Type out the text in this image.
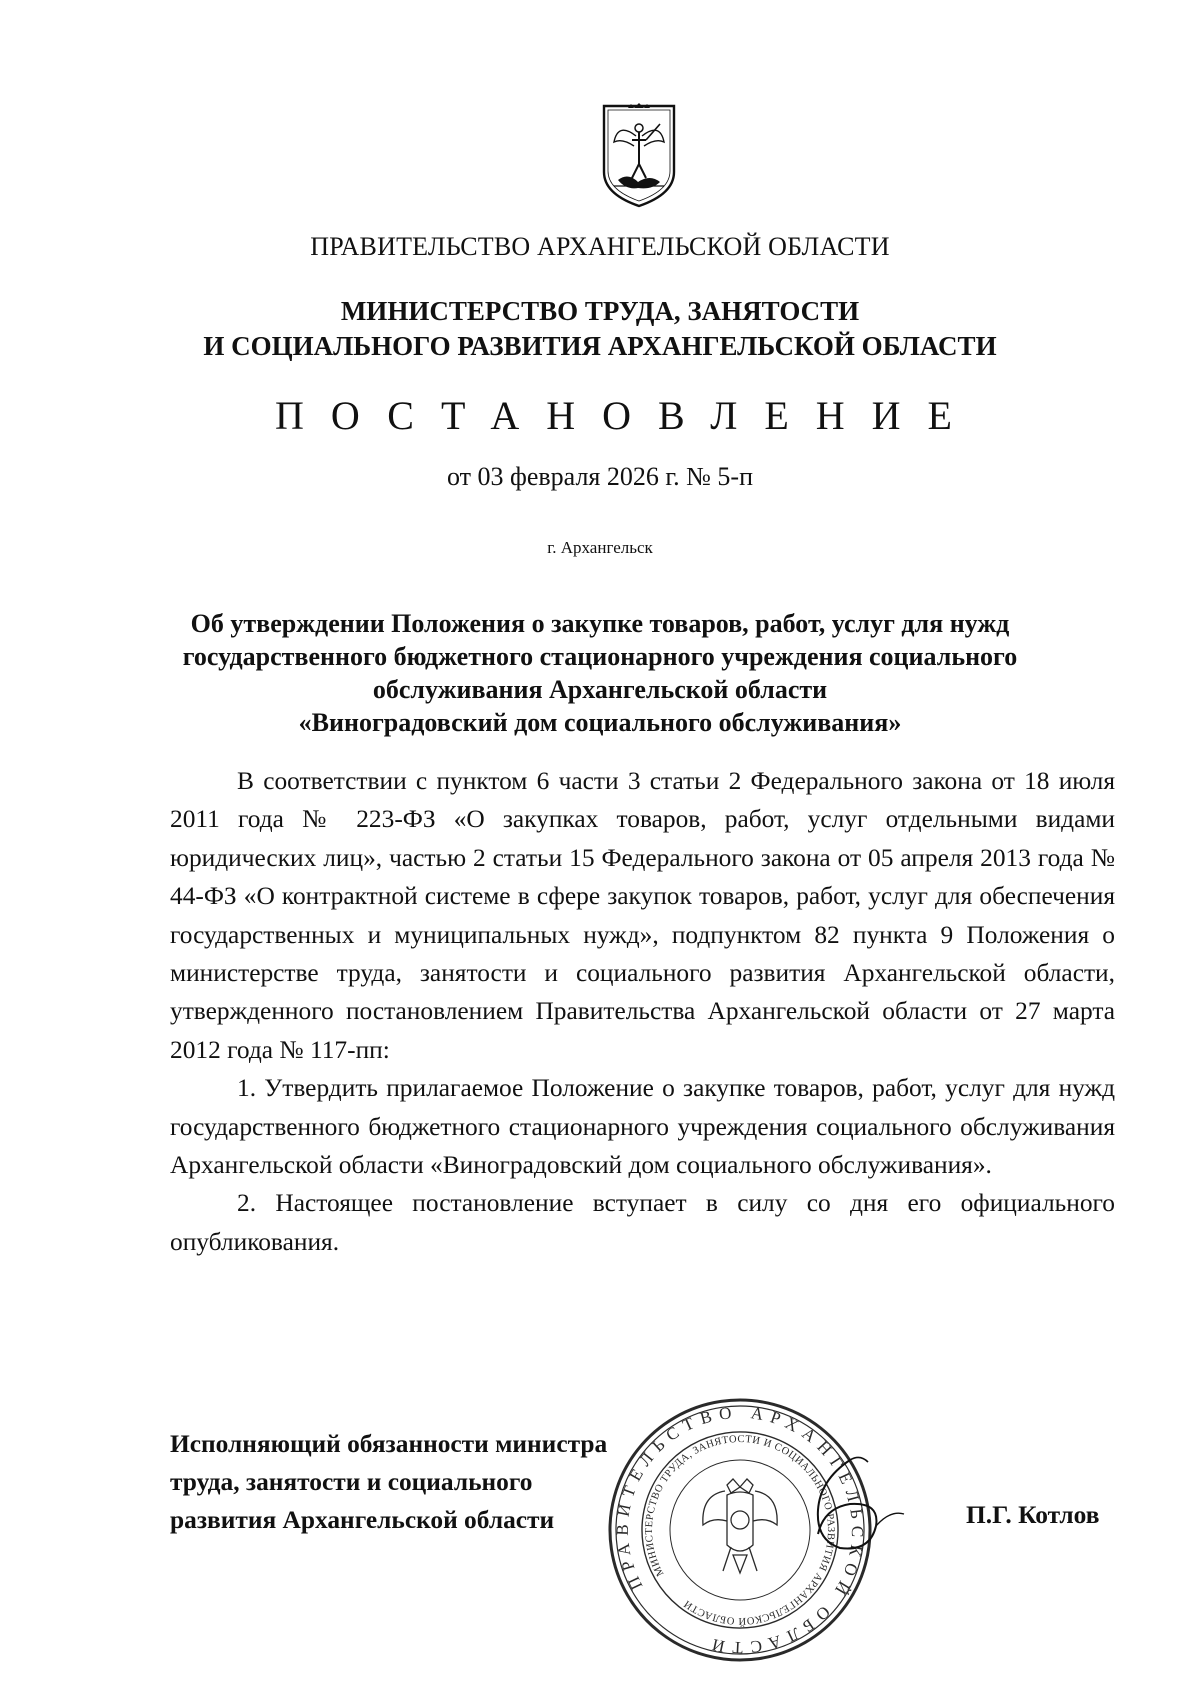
ПРАВИТЕЛЬСТВО АРХАНГЕЛЬСКОЙ ОБЛАСТИ
МИНИСТЕРСТВО ТРУДА, ЗАНЯТОСТИ
И СОЦИАЛЬНОГО РАЗВИТИЯ АРХАНГЕЛЬСКОЙ ОБЛАСТИ
ПОСТАНОВЛЕНИЕ
от 03 февраля 2026 г. № 5-п
г. Архангельск
Об утверждении Положения о закупке товаров, работ, услуг для нужд
государственного бюджетного стационарного учреждения социального
обслуживания Архангельской области
«Виноградовский дом социального обслуживания»

В соответствии с пунктом 6 части 3 статьи 2 Федерального закона от 18 июля 2011 года № 223-ФЗ «О закупках товаров, работ, услуг отдельными видами юридических лиц», частью 2 статьи 15 Федерального закона от 05 апреля 2013 года № 44-ФЗ «О контрактной системе в сфере закупок товаров, работ, услуг для обеспечения государственных и муниципальных нужд», подпунктом 82 пункта 9 Положения о министерстве труда, занятости и социального развития Архангельской области, утвержденного постановлением Правительства Архангельской области от 27 марта 2012 года № 117-пп:

1. Утвердить прилагаемое Положение о закупке товаров, работ, услуг для нужд государственного бюджетного стационарного учреждения социального обслуживания Архангельской области «Виноградовский дом социального обслуживания».

2. Настоящее постановление вступает в силу со дня его официального опубликования.

Исполняющий обязанности министра
труда, занятости и социального
развития Архангельской области
ПРАВИТЕЛЬСТВО АРХАНГЕЛЬСКОЙ ОБЛАСТИ
МИНИСТЕРСТВО ТРУДА, ЗАНЯТОСТИ И СОЦИАЛЬНОГО РАЗВИТИЯ АРХАНГЕЛЬСКОЙ ОБЛАСТИ
П.Г. Котлов
